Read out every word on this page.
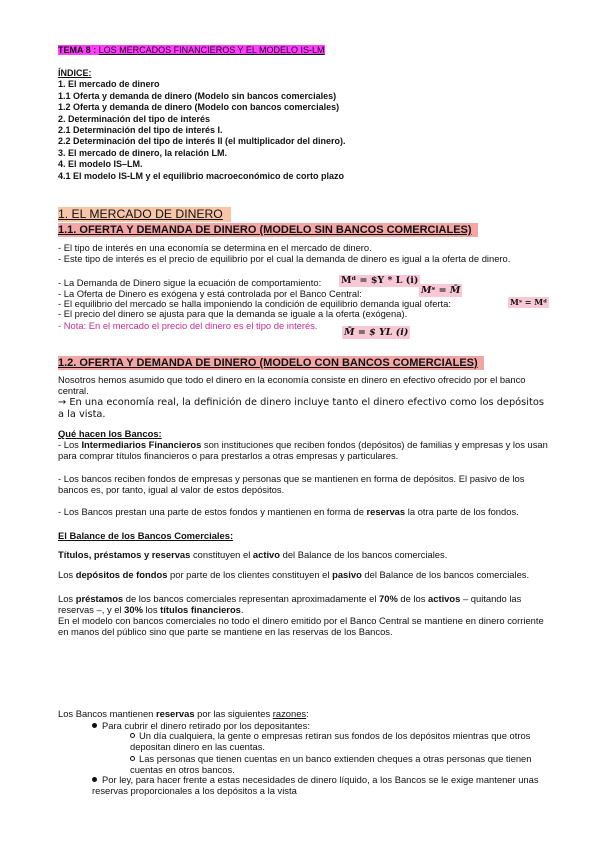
TEMA 8 : LOS MERCADOS FINANCIEROS Y EL MODELO IS-LM

ÍNDICE:

1. El mercado de dinero

1.1 Oferta y demanda de dinero (Modelo sin bancos comerciales)

1.2 Oferta y demanda de dinero (Modelo con bancos comerciales)

2. Determinación del tipo de interés

2.1 Determinación del tipo de interés I.

2.2 Determinación del tipo de interés II (el multiplicador del dinero).

3. El mercado de dinero, la relación LM.

4. El modelo IS–LM.

4.1 El modelo IS-LM y el equilibrio macroeconómico de corto plazo

1. EL MERCADO DE DINERO
1.1. OFERTA Y DEMANDA DE DINERO (MODELO SIN BANCOS COMERCIALES)

- El tipo de interés en una economía se determina en el mercado de dinero.

- Este tipo de interés es el precio de equilibrio por el cual la demanda de dinero es igual a la oferta de dinero.

- La Demanda de Dinero sigue la ecuación de comportamiento:	Mᵈ = $Y * L (i)

- La Oferta de Dinero es exógena y está controlada por el Banco Central:	Mˢ = M̄

- El equilibrio del mercado se halla imponiendo la condición de equilibrio demanda igual oferta:	Mˢ = Mᵈ

- El precio del dinero se ajusta para que la demanda se iguale a la oferta (exógena).

- Nota: En el mercado el precio del dinero es el tipo de interés.

M̄ = $ YL (i)
1.2. OFERTA Y DEMANDA DE DINERO (MODELO CON BANCOS COMERCIALES)

Nosotros hemos asumido que todo el dinero en la economía consiste en dinero en efectivo ofrecido por el banco central.

→ En una economía real, la definición de dinero incluye tanto el dinero efectivo como los depósitos a la vista.

Qué hacen los Bancos:

- Los Intermediarios Financieros son instituciones que reciben fondos (depósitos) de familias y empresas y los usan para comprar títulos financieros o para prestarlos a otras empresas y particulares.

- Los bancos reciben fondos de empresas y personas que se mantienen en forma de depósitos. El pasivo de los bancos es, por tanto, igual al valor de estos depósitos.

- Los Bancos prestan una parte de estos fondos y mantienen en forma de reservas la otra parte de los fondos.

El Balance de los Bancos Comerciales:

Títulos, préstamos y reservas constituyen el activo del Balance de los bancos comerciales.

Los depósitos de fondos por parte de los clientes constituyen el pasivo del Balance de los bancos comerciales.

Los préstamos de los bancos comerciales representan aproximadamente el 70% de los activos – quitando las reservas –, y el 30% los títulos financieros.

En el modelo con bancos comerciales no todo el dinero emitido por el Banco Central se mantiene en dinero corriente en manos del público sino que parte se mantiene en las reservas de los Bancos.

Los Bancos mantienen reservas por las siguientes razones:

Para cubrir el dinero retirado por los depositantes:
Un día cualquiera, la gente o empresas retiran sus fondos de los depósitos mientras que otros depositan dinero en las cuentas.
Las personas que tienen cuentas en un banco extienden cheques a otras personas que tienen cuentas en otros bancos.
Por ley, para hacer frente a estas necesidades de dinero líquido, a los Bancos se le exige mantener unas reservas proporcionales a los depósitos a la vista
